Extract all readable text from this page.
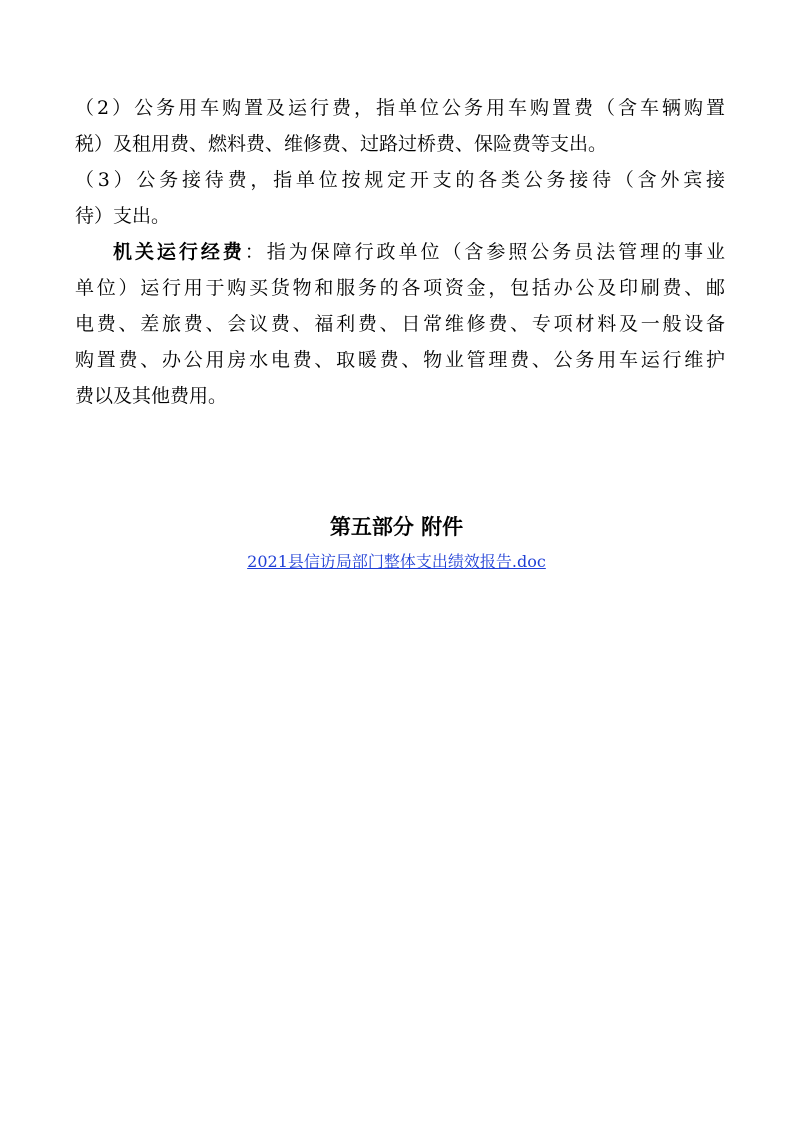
（2）公务用车购置及运行费，指单位公务用车购置费（含车辆购置
税）及租用费、燃料费、维修费、过路过桥费、保险费等支出。
（3）公务接待费，指单位按规定开支的各类公务接待（含外宾接
待）支出。
机关运行经费：指为保障行政单位（含参照公务员法管理的事业
单位）运行用于购买货物和服务的各项资金，包括办公及印刷费、邮
电费、差旅费、会议费、福利费、日常维修费、专项材料及一般设备
购置费、办公用房水电费、取暖费、物业管理费、公务用车运行维护
费以及其他费用。
第五部分 附件
2021县信访局部门整体支出绩效报告.doc
